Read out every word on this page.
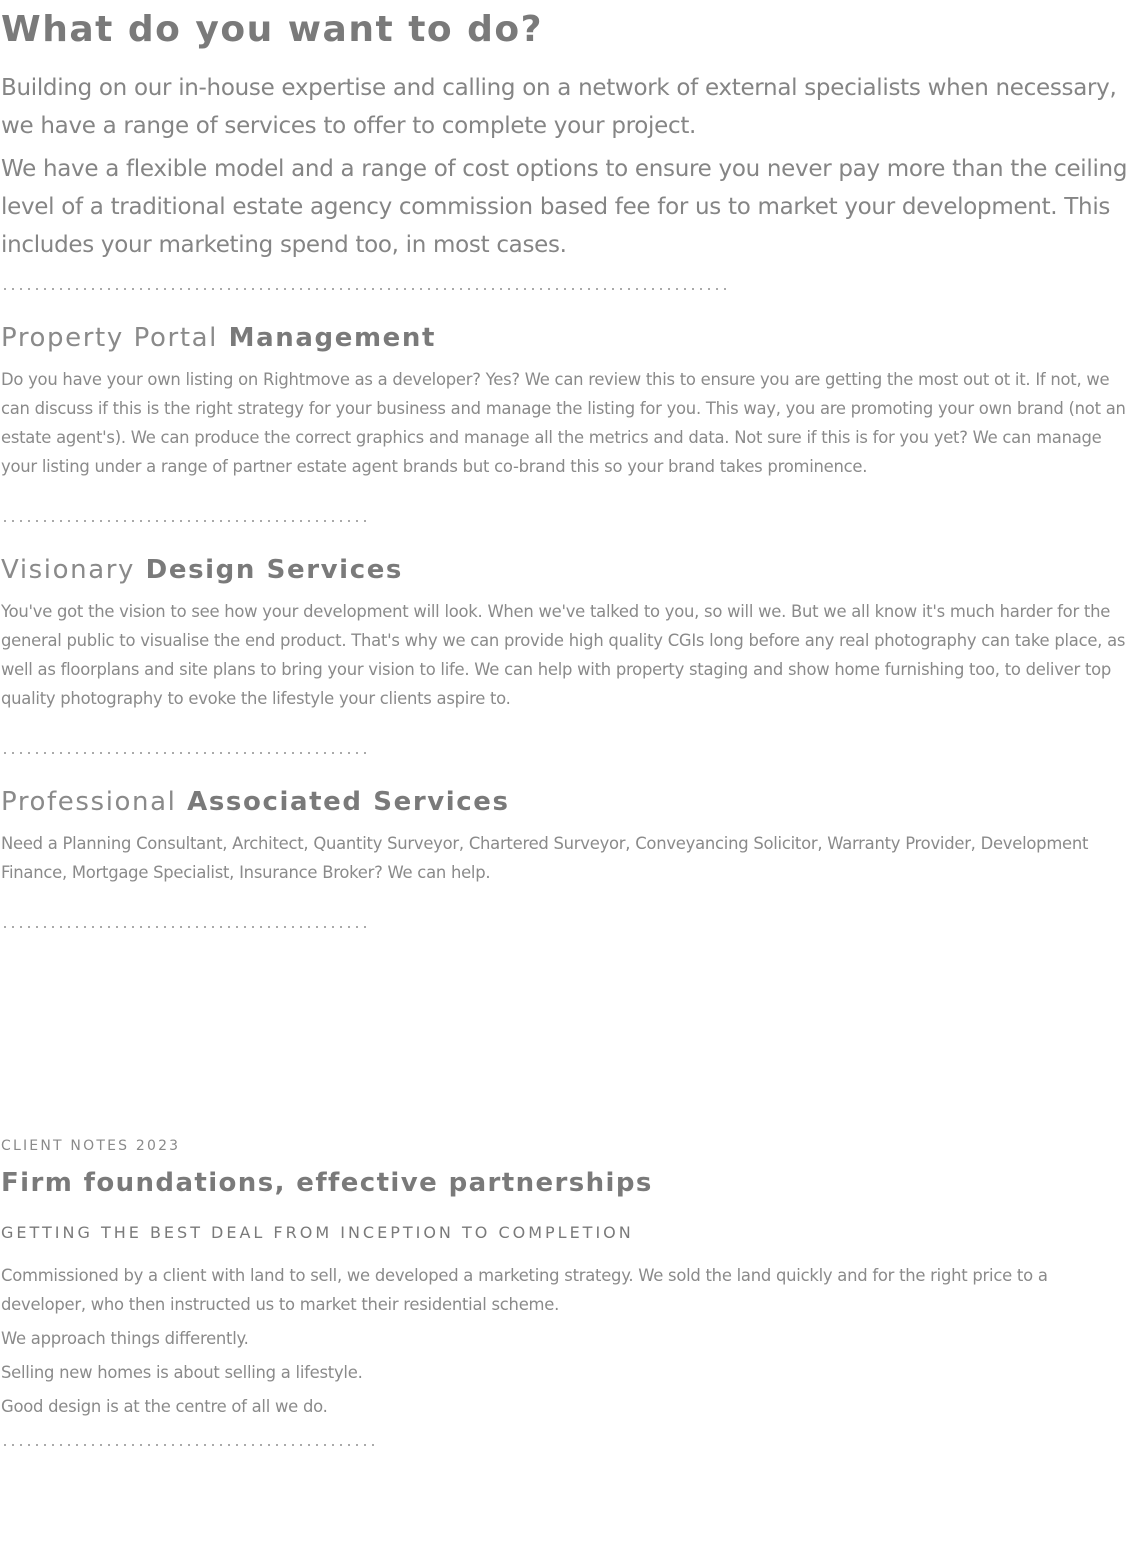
What do you want to do?

Building on our in-house expertise and calling on a network of external specialists when necessary, we have a range of services to offer to complete your project.

We have a flexible model and a range of cost options to ensure you never pay more than the ceiling level of a traditional estate agency commission based fee for us to market your development. This includes your marketing spend too, in most cases.

Property Portal Management

Do you have your own listing on Rightmove as a developer? Yes? We can review this to ensure you are getting the most out ot it. If not, we can discuss if this is the right strategy for your business and manage the listing for you. This way, you are promoting your own brand (not an estate agent's). We can produce the correct graphics and manage all the metrics and data. Not sure if this is for you yet? We can manage your listing under a range of partner estate agent brands but co-brand this so your brand takes prominence.

Visionary Design Services

You've got the vision to see how your development will look. When we've talked to you, so will we. But we all know it's much harder for the general public to visualise the end product. That's why we can provide high quality CGIs long before any real photography can take place, as well as floorplans and site plans to bring your vision to life. We can help with property staging and show home furnishing too, to deliver top quality photography to evoke the lifestyle your clients aspire to.

Professional Associated Services

Need a Planning Consultant, Architect, Quantity Surveyor, Chartered Surveyor, Conveyancing Solicitor, Warranty Provider, Development Finance, Mortgage Specialist, Insurance Broker? We can help.

CLIENT NOTES 2023
Firm foundations, effective partnerships
GETTING THE BEST DEAL FROM INCEPTION TO COMPLETION

Commissioned by a client with land to sell, we developed a marketing strategy. We sold the land quickly and for the right price to a developer, who then instructed us to market their residential scheme.

We approach things differently.

Selling new homes is about selling a lifestyle.

Good design is at the centre of all we do.
